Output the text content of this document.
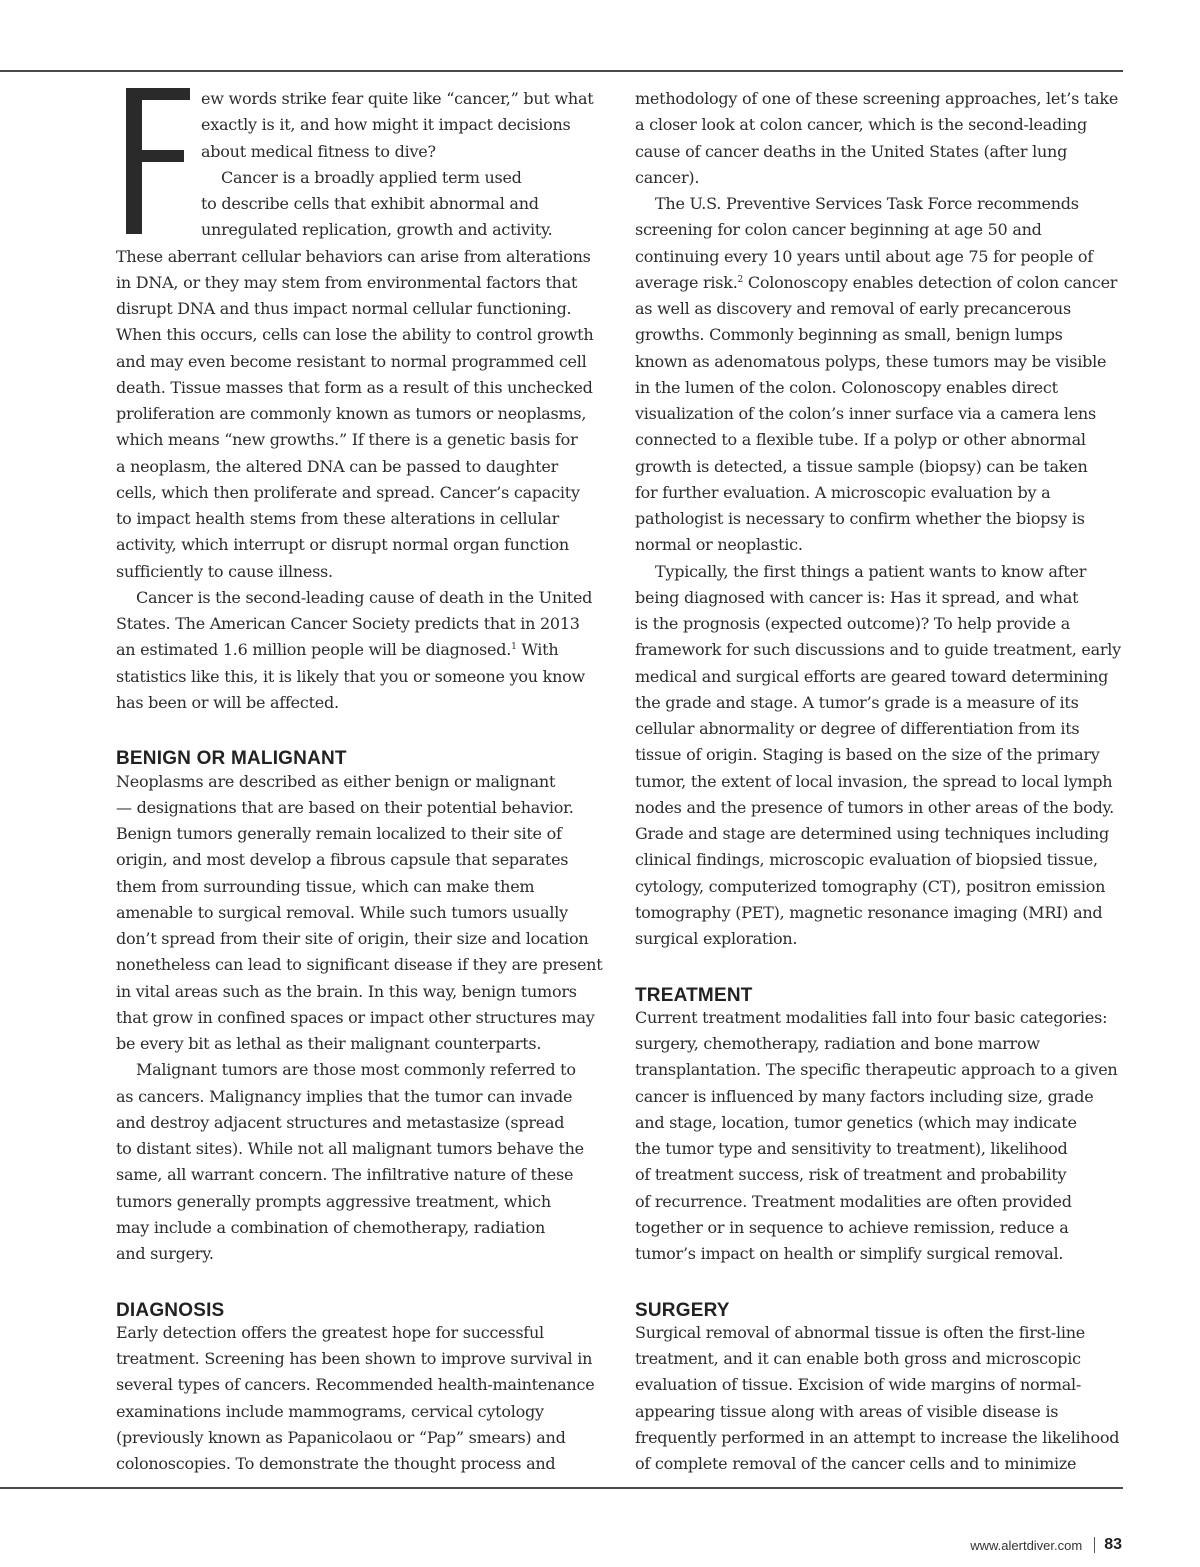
ew words strike fear quite like “cancer,” but what
exactly is it, and how might it impact decisions
about medical fitness to dive?
Cancer is a broadly applied term used
to describe cells that exhibit abnormal and
unregulated replication, growth and activity.
These aberrant cellular behaviors can arise from alterations
in DNA, or they may stem from environmental factors that
disrupt DNA and thus impact normal cellular functioning.
When this occurs, cells can lose the ability to control growth
and may even become resistant to normal programmed cell
death. Tissue masses that form as a result of this unchecked
proliferation are commonly known as tumors or neoplasms,
which means “new growths.” If there is a genetic basis for
a neoplasm, the altered DNA can be passed to daughter
cells, which then proliferate and spread. Cancer’s capacity
to impact health stems from these alterations in cellular
activity, which interrupt or disrupt normal organ function
sufficiently to cause illness.
Cancer is the second-leading cause of death in the United
States. The American Cancer Society predicts that in 2013
an estimated 1.6 million people will be diagnosed.$^1$ With
statistics like this, it is likely that you or someone you know
has been or will be affected.
BENIGN OR MALIGNANT
Neoplasms are described as either benign or malignant
— designations that are based on their potential behavior.
Benign tumors generally remain localized to their site of
origin, and most develop a fibrous capsule that separates
them from surrounding tissue, which can make them
amenable to surgical removal. While such tumors usually
don’t spread from their site of origin, their size and location
nonetheless can lead to significant disease if they are present
in vital areas such as the brain. In this way, benign tumors
that grow in confined spaces or impact other structures may
be every bit as lethal as their malignant counterparts.
Malignant tumors are those most commonly referred to
as cancers. Malignancy implies that the tumor can invade
and destroy adjacent structures and metastasize (spread
to distant sites). While not all malignant tumors behave the
same, all warrant concern. The infiltrative nature of these
tumors generally prompts aggressive treatment, which
may include a combination of chemotherapy, radiation
and surgery.
DIAGNOSIS
Early detection offers the greatest hope for successful
treatment. Screening has been shown to improve survival in
several types of cancers. Recommended health-maintenance
examinations include mammograms, cervical cytology
(previously known as Papanicolaou or “Pap” smears) and
colonoscopies. To demonstrate the thought process and
methodology of one of these screening approaches, let’s take
a closer look at colon cancer, which is the second-leading
cause of cancer deaths in the United States (after lung
cancer).
The U.S. Preventive Services Task Force recommends
screening for colon cancer beginning at age 50 and
continuing every 10 years until about age 75 for people of
average risk.$^2$ Colonoscopy enables detection of colon cancer
as well as discovery and removal of early precancerous
growths. Commonly beginning as small, benign lumps
known as adenomatous polyps, these tumors may be visible
in the lumen of the colon. Colonoscopy enables direct
visualization of the colon’s inner surface via a camera lens
connected to a flexible tube. If a polyp or other abnormal
growth is detected, a tissue sample (biopsy) can be taken
for further evaluation. A microscopic evaluation by a
pathologist is necessary to confirm whether the biopsy is
normal or neoplastic.
Typically, the first things a patient wants to know after
being diagnosed with cancer is: Has it spread, and what
is the prognosis (expected outcome)? To help provide a
framework for such discussions and to guide treatment, early
medical and surgical efforts are geared toward determining
the grade and stage. A tumor’s grade is a measure of its
cellular abnormality or degree of differentiation from its
tissue of origin. Staging is based on the size of the primary
tumor, the extent of local invasion, the spread to local lymph
nodes and the presence of tumors in other areas of the body.
Grade and stage are determined using techniques including
clinical findings, microscopic evaluation of biopsied tissue,
cytology, computerized tomography (CT), positron emission
tomography (PET), magnetic resonance imaging (MRI) and
surgical exploration.
TREATMENT
Current treatment modalities fall into four basic categories:
surgery, chemotherapy, radiation and bone marrow
transplantation. The specific therapeutic approach to a given
cancer is influenced by many factors including size, grade
and stage, location, tumor genetics (which may indicate
the tumor type and sensitivity to treatment), likelihood
of treatment success, risk of treatment and probability
of recurrence. Treatment modalities are often provided
together or in sequence to achieve remission, reduce a
tumor’s impact on health or simplify surgical removal.
SURGERY
Surgical removal of abnormal tissue is often the first-line
treatment, and it can enable both gross and microscopic
evaluation of tissue. Excision of wide margins of normal-
appearing tissue along with areas of visible disease is
frequently performed in an attempt to increase the likelihood
of complete removal of the cancer cells and to minimize
www.alertdiver.com 83
